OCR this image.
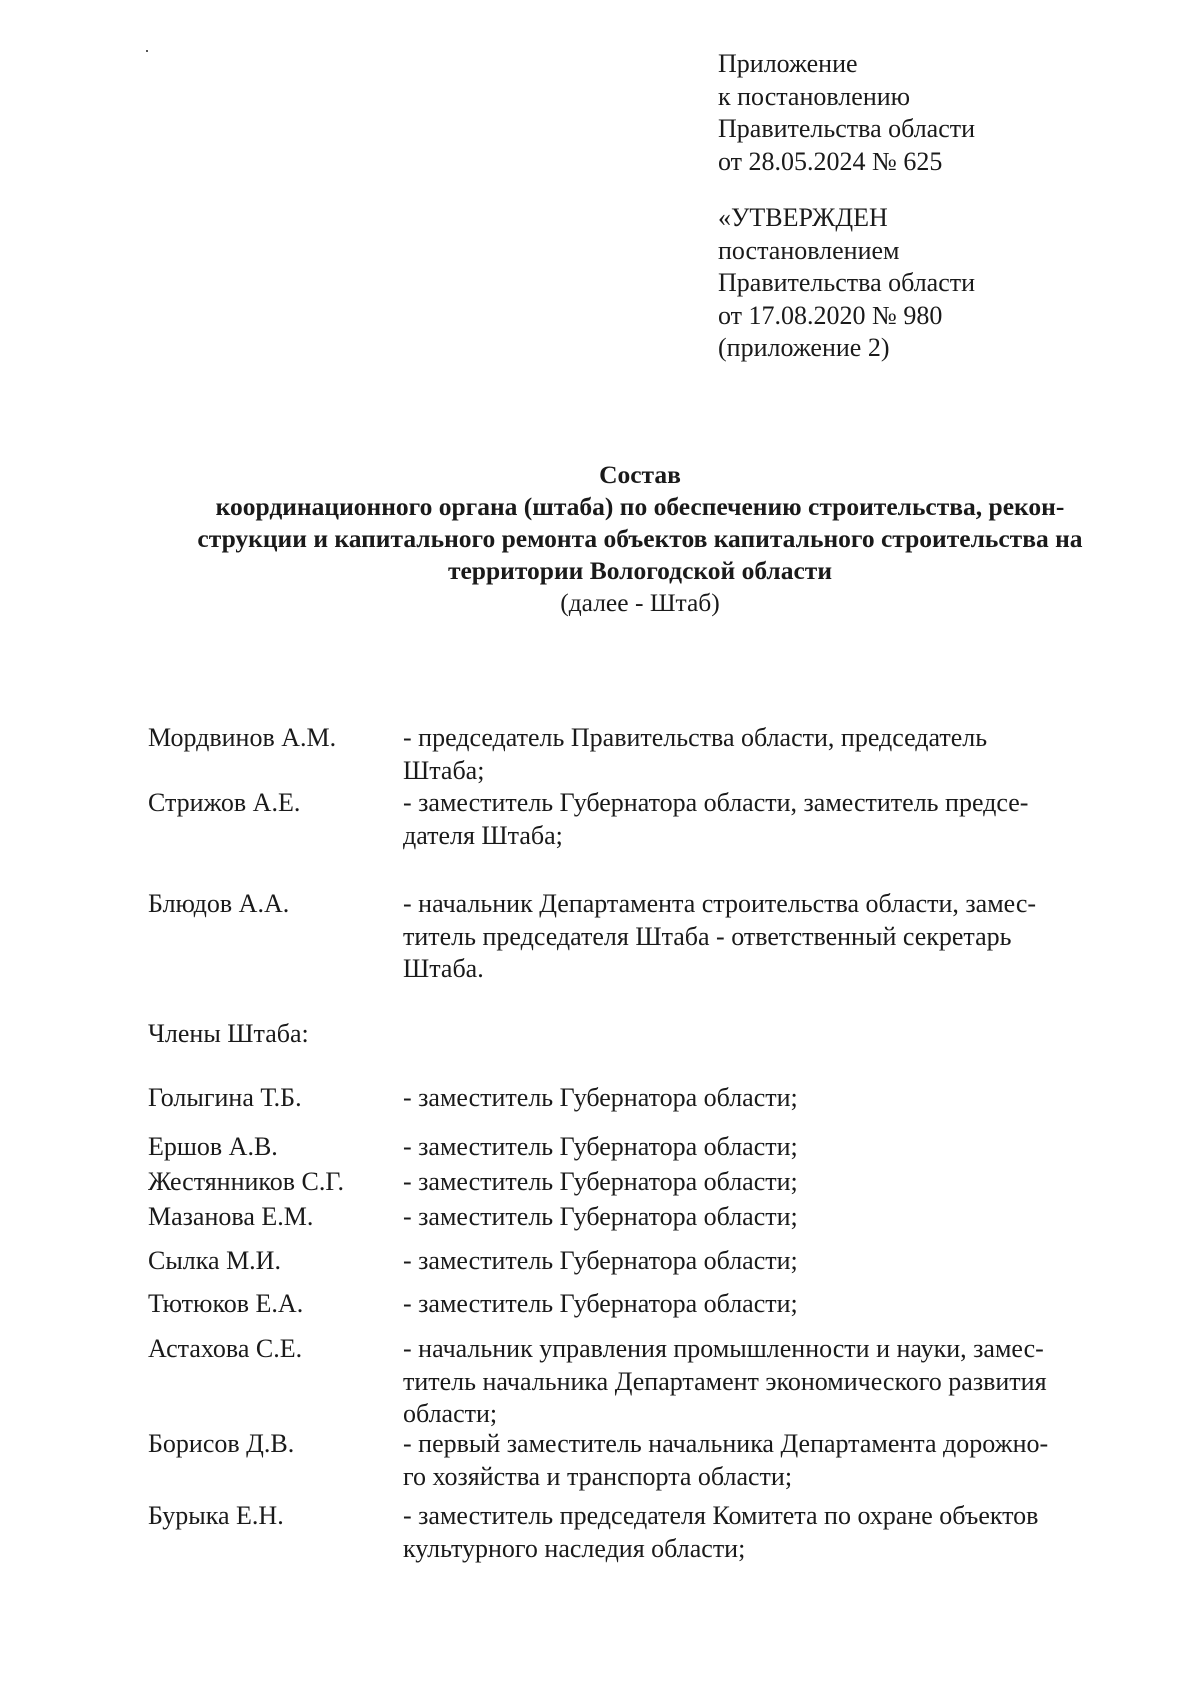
Приложение
к постановлению
Правительства области
от 28.05.2024 № 625
«УТВЕРЖДЕН
постановлением
Правительства области
от 17.08.2020 № 980
(приложение 2)
Состав
координационного органа (штаба) по обеспечению строительства, рекон-
струкции и капитального ремонта объектов капитального строительства на
территории Вологодской области
(далее - Штаб)
Мордвинов А.М.	- председатель Правительства области, председатель
Штаба;
Стрижов А.Е.	- заместитель Губернатора области, заместитель предсе-
дателя Штаба;
Блюдов А.А.	- начальник Департамента строительства области, замес-
титель председателя Штаба - ответственный секретарь
Штаба.
Члены Штаба:
Голыгина Т.Б.	- заместитель Губернатора области;
Ершов А.В.	- заместитель Губернатора области;
Жестянников С.Г. - заместитель Губернатора области;
Мазанова Е.М.	- заместитель Губернатора области;
Сылка М.И.	- заместитель Губернатора области;
Тютюков Е.А.	- заместитель Губернатора области;
Астахова С.Е.	- начальник управления промышленности и науки, замес-
титель начальника Департамент экономического развития
области;
Борисов Д.В.	- первый заместитель начальника Департамента дорожно-
го хозяйства и транспорта области;
Бурыка Е.Н.	- заместитель председателя Комитета по охране объектов
культурного наследия области;
